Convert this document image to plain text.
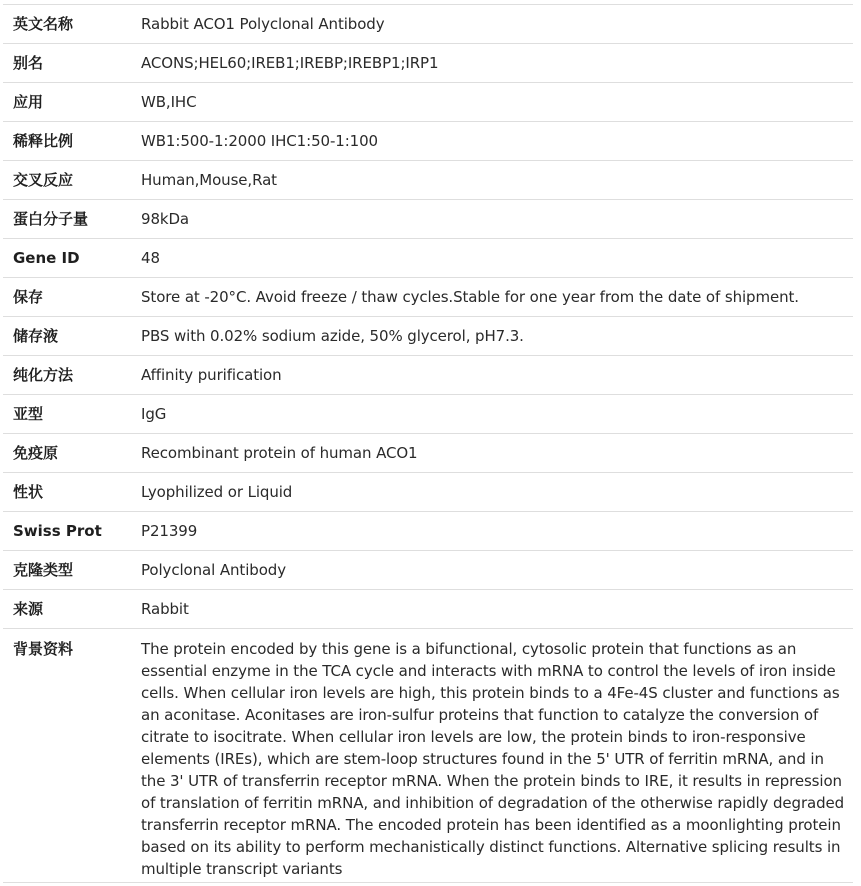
英文名称	Rabbit ACO1 Polyclonal Antibody
别名	ACONS;HEL60;IREB1;IREBP;IREBP1;IRP1
应用	WB,IHC
稀释比例	WB1:500-1:2000 IHC1:50-1:100
交叉反应	Human,Mouse,Rat
蛋白分子量	98kDa
Gene ID	48
保存	Store at -20°C. Avoid freeze / thaw cycles.Stable for one year from the date of shipment.
储存液	PBS with 0.02% sodium azide, 50% glycerol, pH7.3.
纯化方法	Affinity purification
亚型	IgG
免疫原	Recombinant protein of human ACO1
性状	Lyophilized or Liquid
Swiss Prot	P21399
克隆类型	Polyclonal Antibody
来源	Rabbit
背景资料	The protein encoded by this gene is a bifunctional, cytosolic protein that functions as an essential enzyme in the TCA cycle and interacts with mRNA to control the levels of iron inside cells. When cellular iron levels are high, this protein binds to a 4Fe-4S cluster and functions as an aconitase. Aconitases are iron-sulfur proteins that function to catalyze the conversion of citrate to isocitrate. When cellular iron levels are low, the protein binds to iron-responsive elements (IREs), which are stem-loop structures found in the 5' UTR of ferritin mRNA, and in the 3' UTR of transferrin receptor mRNA. When the protein binds to IRE, it results in repression of translation of ferritin mRNA, and inhibition of degradation of the otherwise rapidly degraded transferrin receptor mRNA. The encoded protein has been identified as a moonlighting protein based on its ability to perform mechanistically distinct functions. Alternative splicing results in multiple transcript variants
